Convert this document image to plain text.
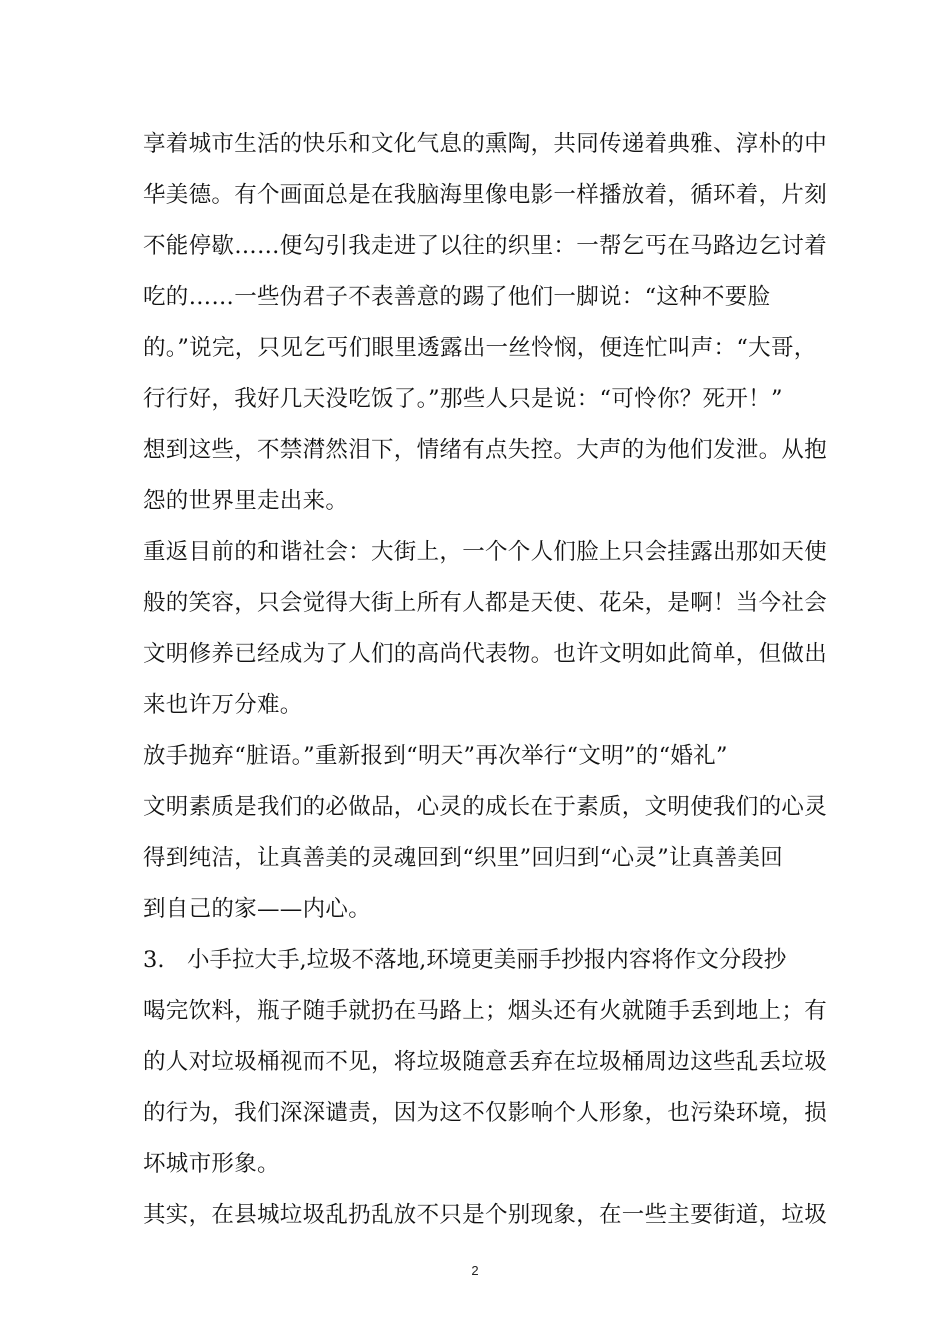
享着城市生活的快乐和文化气息的熏陶，共同传递着典雅、淳朴的中
华美德。有个画面总是在我脑海里像电影一样播放着，循环着，片刻
不能停歇……便勾引我走进了以往的织里：一帮乞丐在马路边乞讨着
吃的……一些伪君子不表善意的踢了他们一脚说：“这种不要脸
的。”说完，只见乞丐们眼里透露出一丝怜悯，便连忙叫声：“大哥，
行行好，我好几天没吃饭了。”那些人只是说：“可怜你？死开！”
想到这些，不禁潸然泪下，情绪有点失控。大声的为他们发泄。从抱
怨的世界里走出来。
重返目前的和谐社会：大街上，一个个人们脸上只会挂露出那如天使
般的笑容，只会觉得大街上所有人都是天使、花朵，是啊！当今社会
文明修养已经成为了人们的高尚代表物。也许文明如此简单，但做出
来也许万分难。
放手抛弃“脏语。”重新报到“明天”再次举行“文明”的“婚礼”
文明素质是我们的必做品，心灵的成长在于素质，文明使我们的心灵
得到纯洁，让真善美的灵魂回到“织里”回归到“心灵”让真善美回
到自己的家——内心。
3.　小手拉大手,垃圾不落地,环境更美丽手抄报内容将作文分段抄
喝完饮料，瓶子随手就扔在马路上；烟头还有火就随手丢到地上；有
的人对垃圾桶视而不见，将垃圾随意丢弃在垃圾桶周边这些乱丢垃圾
的行为，我们深深谴责，因为这不仅影响个人形象，也污染环境，损
坏城市形象。
其实，在县城垃圾乱扔乱放不只是个别现象，在一些主要街道，垃圾
2
